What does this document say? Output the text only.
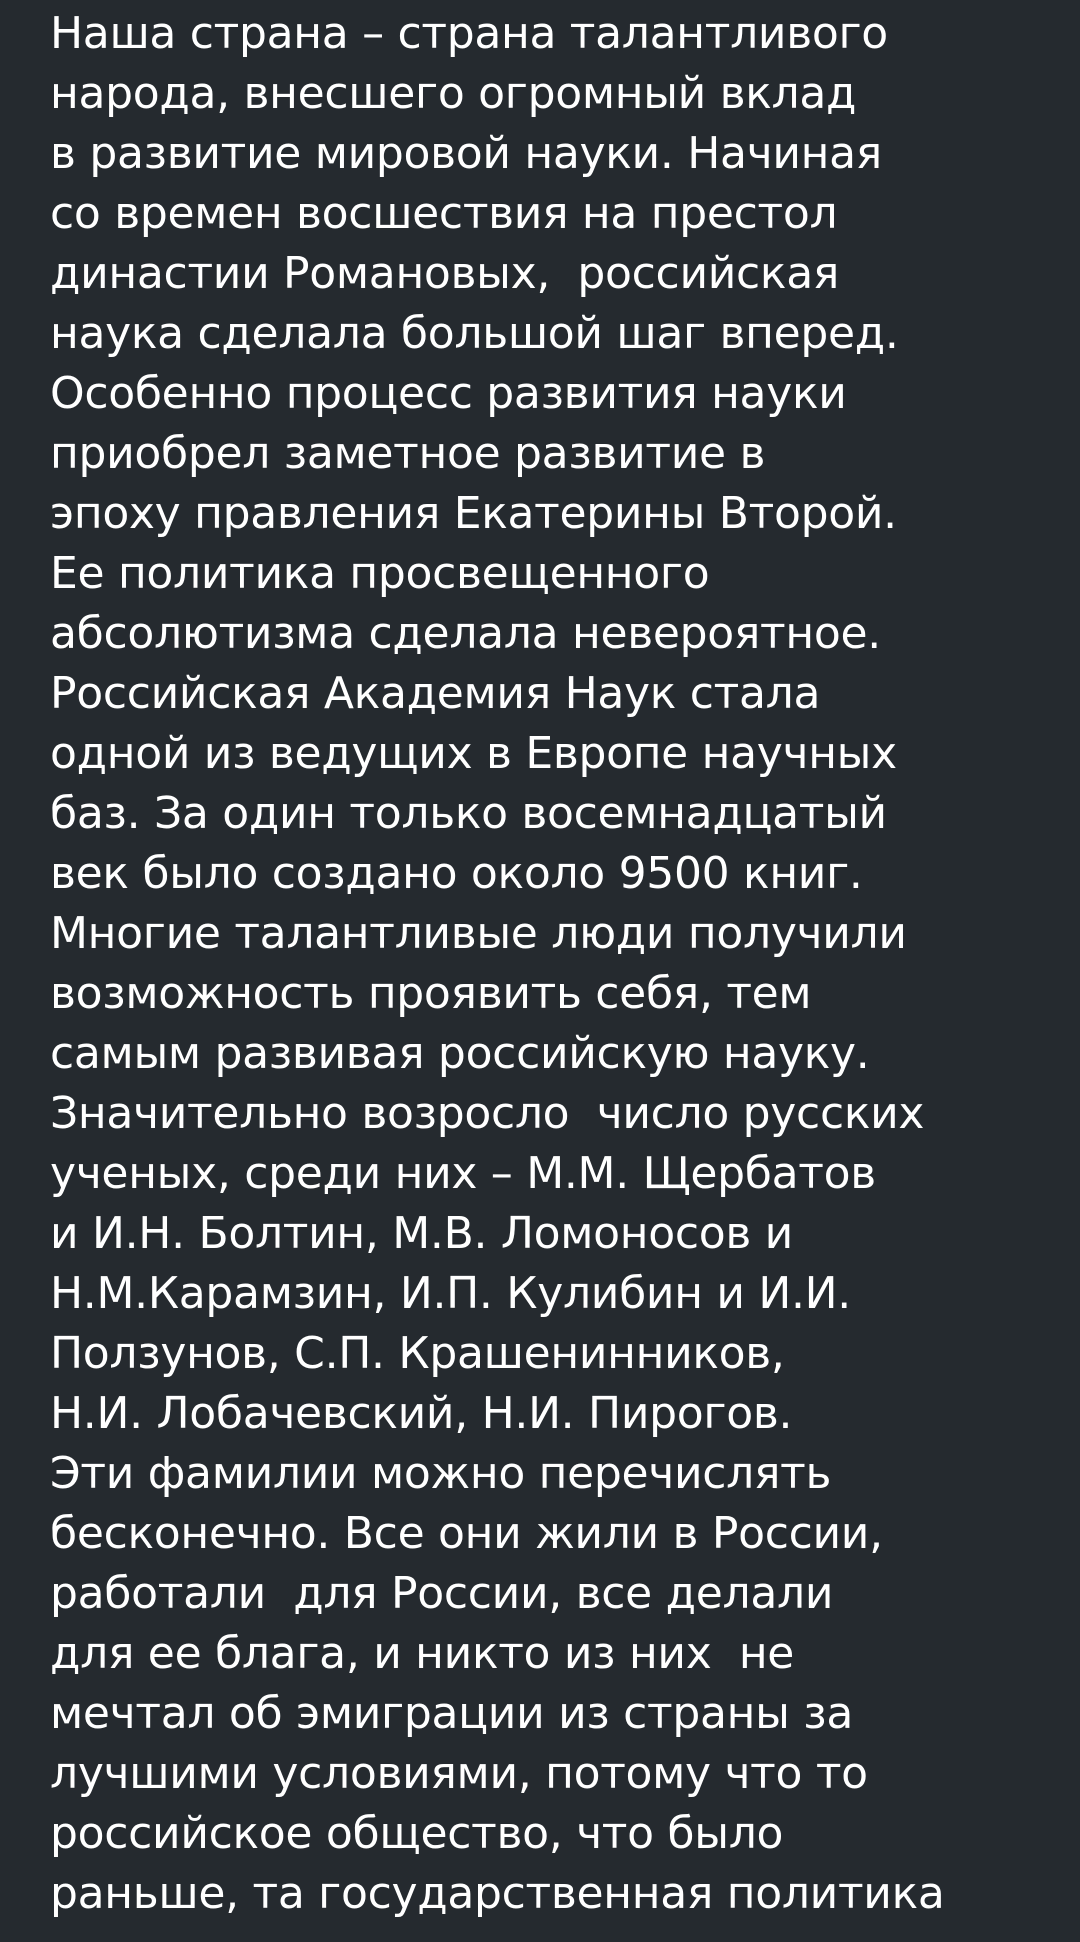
Наша страна – страна талантливого
народа, внесшего огромный вклад
в развитие мировой науки. Начиная
со времен восшествия на престол
династии Романовых,  российская
наука сделала большой шаг вперед.
Особенно процесс развития науки
приобрел заметное развитие в
эпоху правления Екатерины Второй.
Ее политика просвещенного
абсолютизма сделала невероятное.
Российская Академия Наук стала
одной из ведущих в Европе научных
баз. За один только восемнадцатый
век было создано около 9500 книг.
Многие талантливые люди получили
возможность проявить себя, тем
самым развивая российскую науку.
Значительно возросло  число русских
ученых, среди них – М.М. Щербатов
и И.Н. Болтин, М.В. Ломоносов и
Н.М.Карамзин, И.П. Кулибин и И.И.
Ползунов, С.П. Крашенинников,
Н.И. Лобачевский, Н.И. Пирогов.
Эти фамилии можно перечислять
бесконечно. Все они жили в России,
работали  для России, все делали
для ее блага, и никто из них  не
мечтал об эмиграции из страны за
лучшими условиями, потому что то
российское общество, что было
раньше, та государственная политика
